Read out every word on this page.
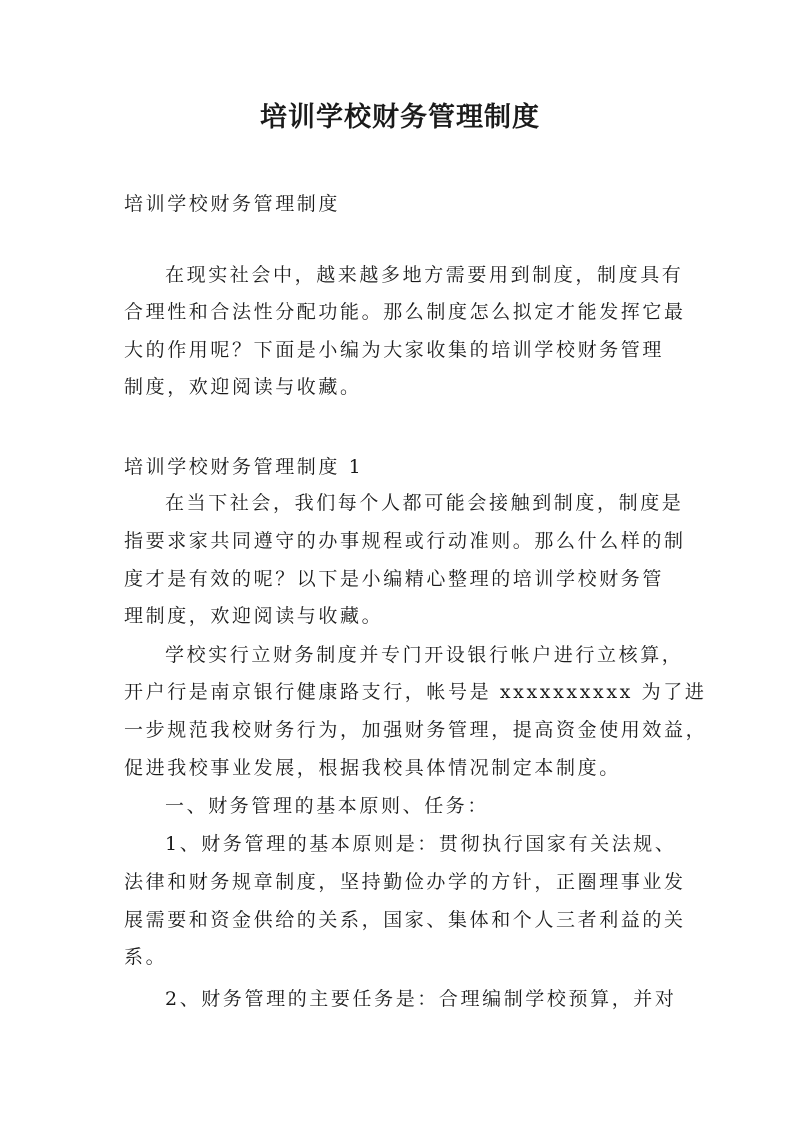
培训学校财务管理制度

培训学校财务管理制度

在现实社会中，越来越多地方需要用到制度，制度具有

合理性和合法性分配功能。那么制度怎么拟定才能发挥它最

大的作用呢？下面是小编为大家收集的培训学校财务管理

制度，欢迎阅读与收藏。

培训学校财务管理制度 1

在当下社会，我们每个人都可能会接触到制度，制度是

指要求家共同遵守的办事规程或行动准则。那么什么样的制

度才是有效的呢？以下是小编精心整理的培训学校财务管

理制度，欢迎阅读与收藏。

学校实行立财务制度并专门开设银行帐户进行立核算，

开户行是南京银行健康路支行，帐号是 xxxxxxxxxx 为了进

一步规范我校财务行为，加强财务管理，提高资金使用效益，

促进我校事业发展，根据我校具体情况制定本制度。

一、财务管理的基本原则、任务：

1、财务管理的基本原则是：贯彻执行国家有关法规、

法律和财务规章制度，坚持勤俭办学的方针，正圈理事业发

展需要和资金供给的关系，国家、集体和个人三者利益的关

系。

2、财务管理的主要任务是：合理编制学校预算，并对
